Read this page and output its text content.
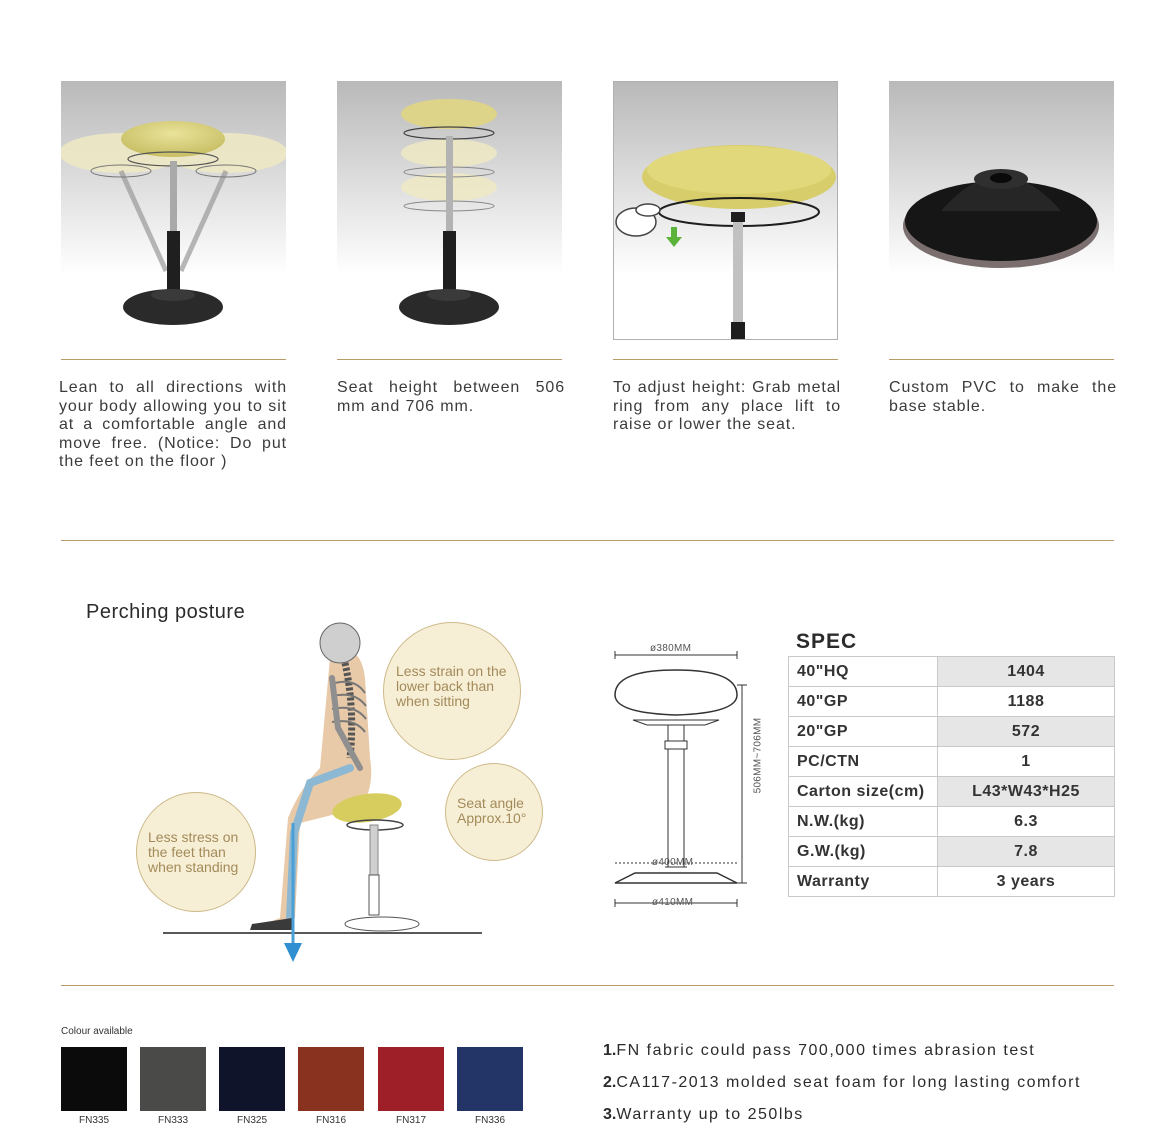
Lean to all directions with your body allowing you to sit at a comfortable angle and move free. (Notice: Do put the feet on the floor )
Seat height between 506 mm and 706 mm.
To adjust height: Grab metal ring from any place lift to raise or lower the seat.
Custom PVC to make the base stable.
Perching posture
Less strain on the lower back than when sitting
Seat angle Approx.10°
Less stress on the feet than when standing
ø380MM
ø400MM
ø410MM
506MM~706MM
SPEC
40"HQ	1404
40"GP	1188
20"GP	572
PC/CTN	1
Carton size(cm)	L43*W43*H25
N.W.(kg)	6.3
G.W.(kg)	7.8
Warranty	3 years
Colour available
FN335	FN333	FN325	FN316	FN317	FN336
1.FN fabric could pass 700,000 times abrasion test
2.CA117-2013 molded seat foam for long lasting comfort
3.Warranty up to 250lbs
